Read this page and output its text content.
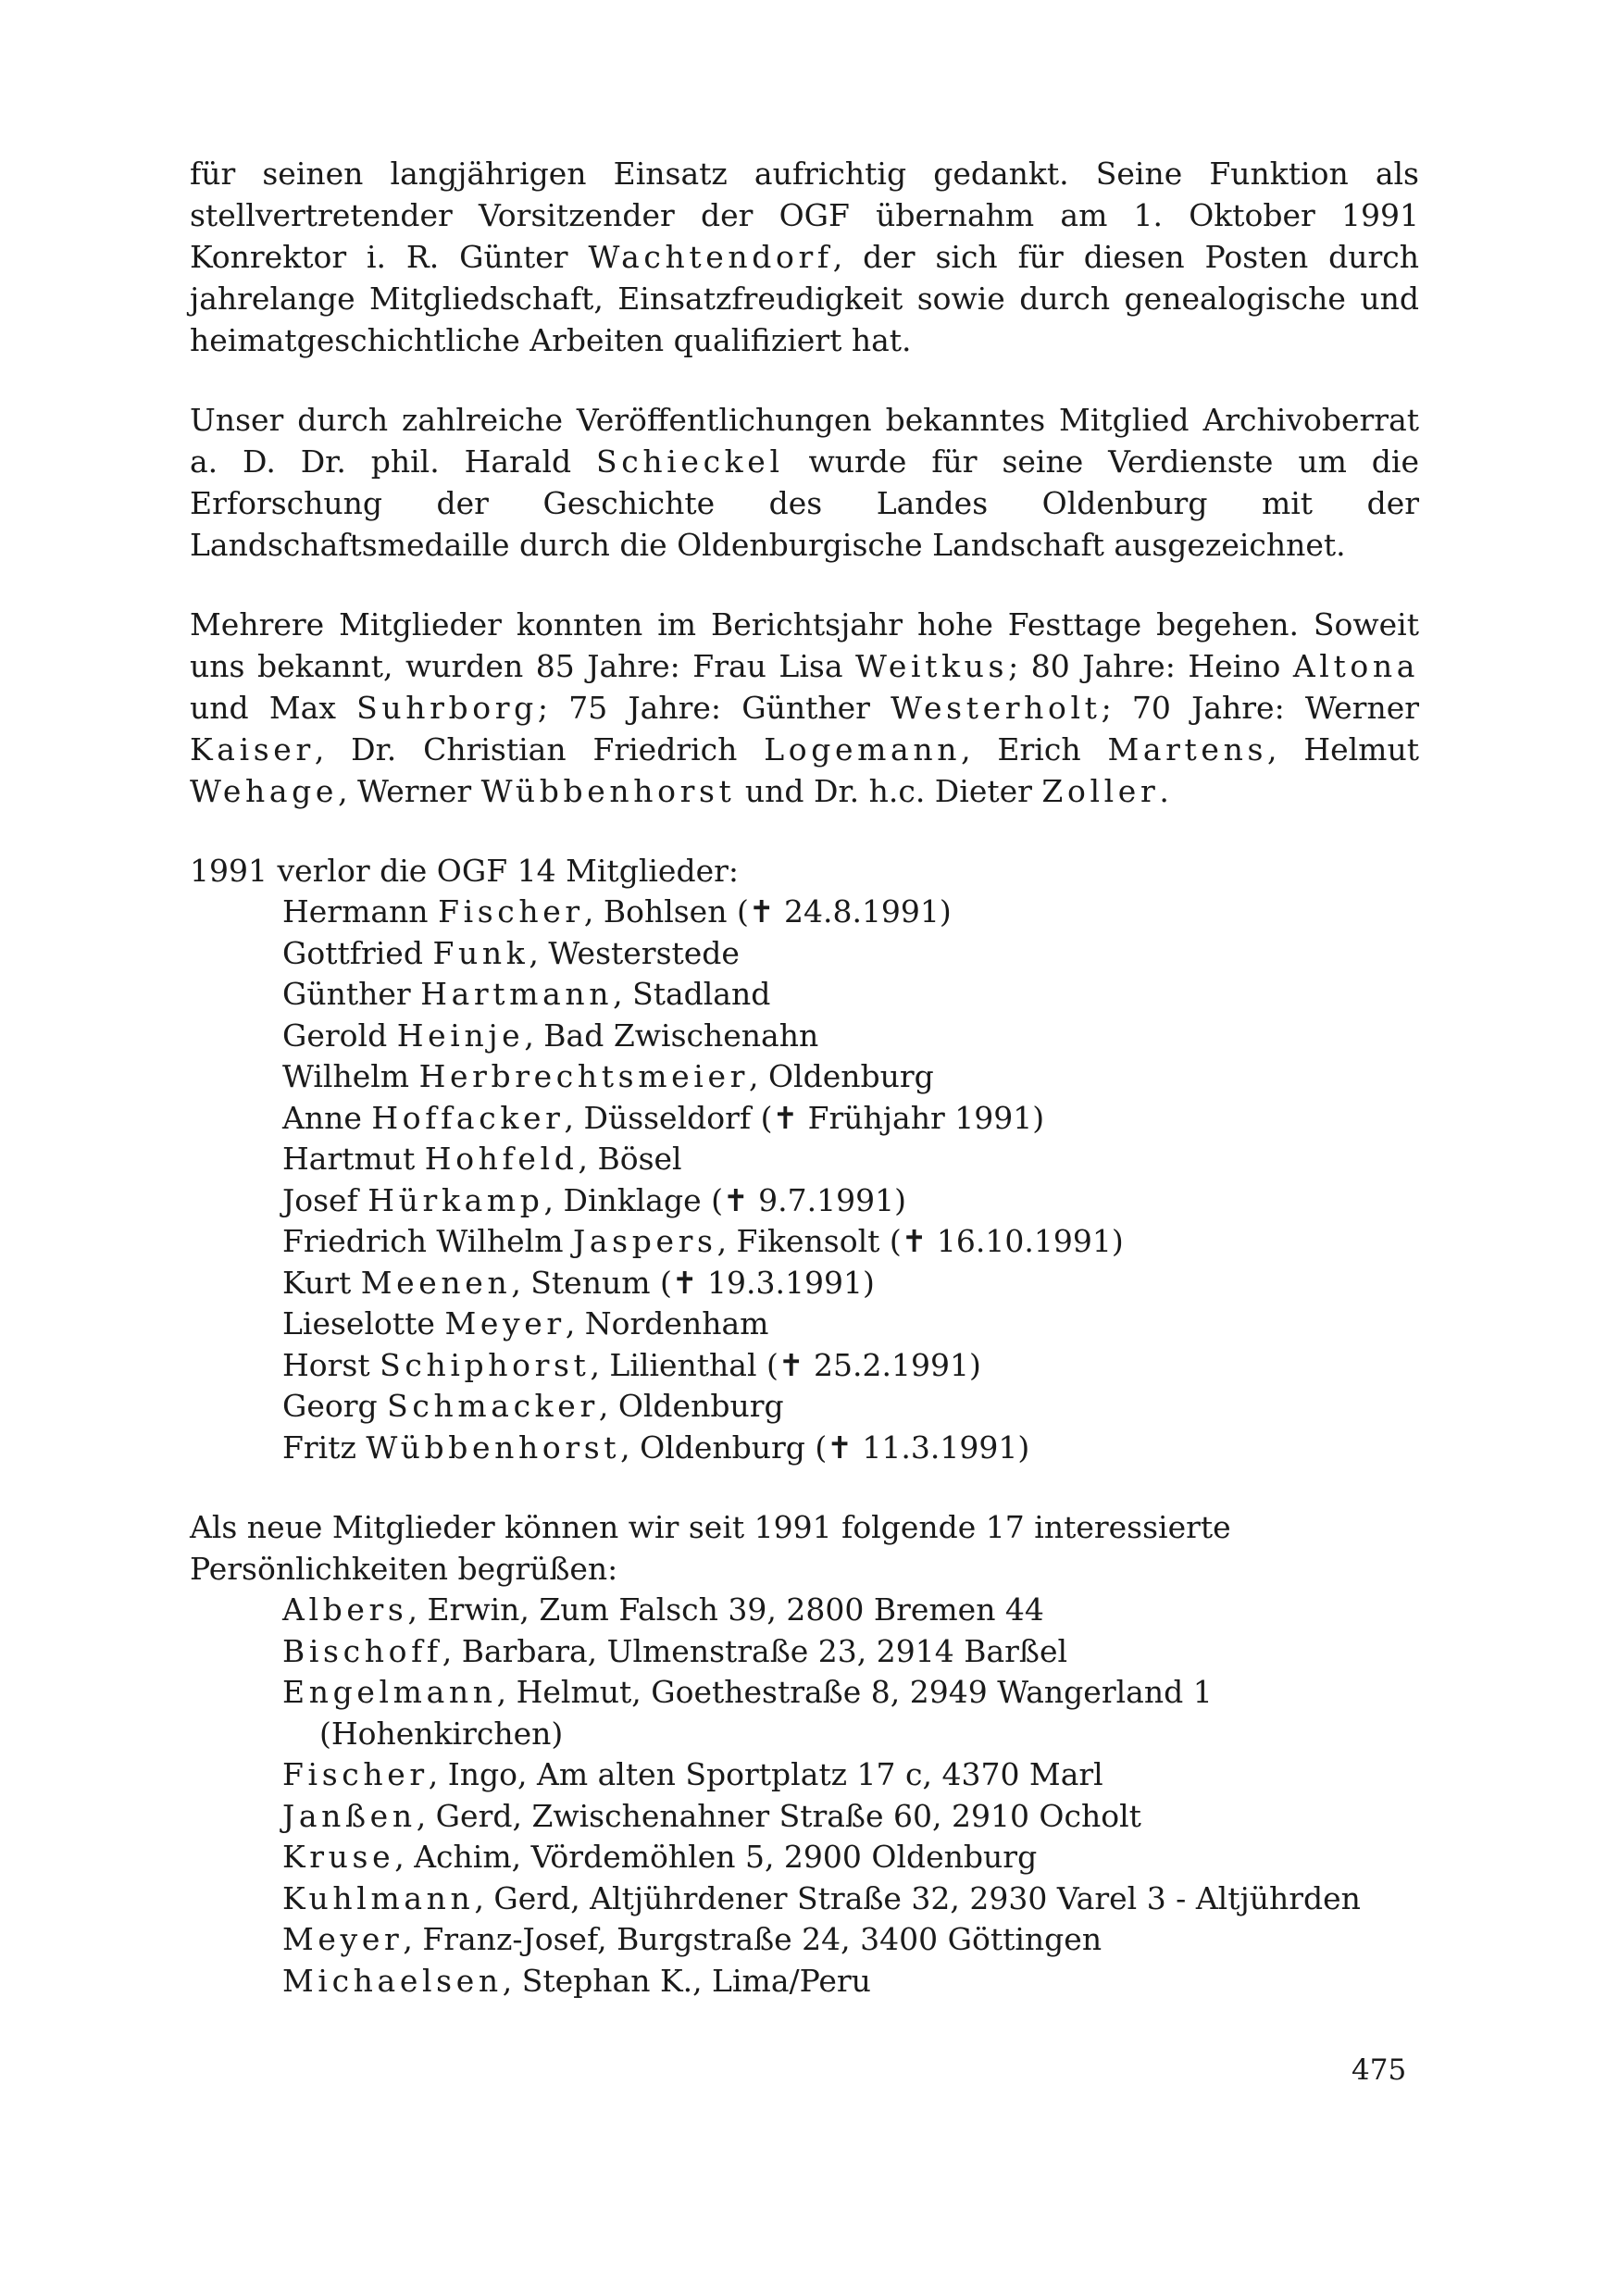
für seinen langjährigen Einsatz aufrichtig gedankt. Seine Funktion als stellvertretender Vorsitzender der OGF übernahm am 1. Oktober 1991 Konrektor i. R. Günter Wachtendorf, der sich für diesen Posten durch jahrelange Mitgliedschaft, Einsatzfreudigkeit sowie durch genealogische und heimatgeschichtliche Arbeiten qualifiziert hat.

Unser durch zahlreiche Veröffentlichungen bekanntes Mitglied Archivoberrat a. D. Dr. phil. Harald Schieckel wurde für seine Verdienste um die Erforschung der Geschichte des Landes Oldenburg mit der Landschaftsmedaille durch die Oldenburgische Landschaft ausgezeichnet.

Mehrere Mitglieder konnten im Berichtsjahr hohe Festtage begehen. Soweit uns bekannt, wurden 85 Jahre: Frau Lisa Weitkus; 80 Jahre: Heino Altona und Max Suhrborg; 75 Jahre: Günther Westerholt; 70 Jahre: Werner Kaiser, Dr. Christian Friedrich Logemann, Erich Martens, Helmut Wehage, Werner Wübbenhorst und Dr. h.c. Dieter Zoller.

1991 verlor die OGF 14 Mitglieder:
Hermann Fischer, Bohlsen (✝ 24.8.1991)
Gottfried Funk, Westerstede
Günther Hartmann, Stadland
Gerold Heinje, Bad Zwischenahn
Wilhelm Herbrechtsmeier, Oldenburg
Anne Hoffacker, Düsseldorf (✝ Frühjahr 1991)
Hartmut Hohfeld, Bösel
Josef Hürkamp, Dinklage (✝ 9.7.1991)
Friedrich Wilhelm Jaspers, Fikensolt (✝ 16.10.1991)
Kurt Meenen, Stenum (✝ 19.3.1991)
Lieselotte Meyer, Nordenham
Horst Schiphorst, Lilienthal (✝ 25.2.1991)
Georg Schmacker, Oldenburg
Fritz Wübbenhorst, Oldenburg (✝ 11.3.1991)
Als neue Mitglieder können wir seit 1991 folgende 17 interessierte Persönlichkeiten begrüßen:
Albers, Erwin, Zum Falsch 39, 2800 Bremen 44
Bischoff, Barbara, Ulmenstraße 23, 2914 Barßel
Engelmann, Helmut, Goethestraße 8, 2949 Wangerland 1 (Hohenkirchen)
Fischer, Ingo, Am alten Sportplatz 17 c, 4370 Marl
Janßen, Gerd, Zwischenahner Straße 60, 2910 Ocholt
Kruse, Achim, Vördemöhlen 5, 2900 Oldenburg
Kuhlmann, Gerd, Altjührdener Straße 32, 2930 Varel 3 - Altjührden
Meyer, Franz-Josef, Burgstraße 24, 3400 Göttingen
Michaelsen, Stephan K., Lima/Peru
475
